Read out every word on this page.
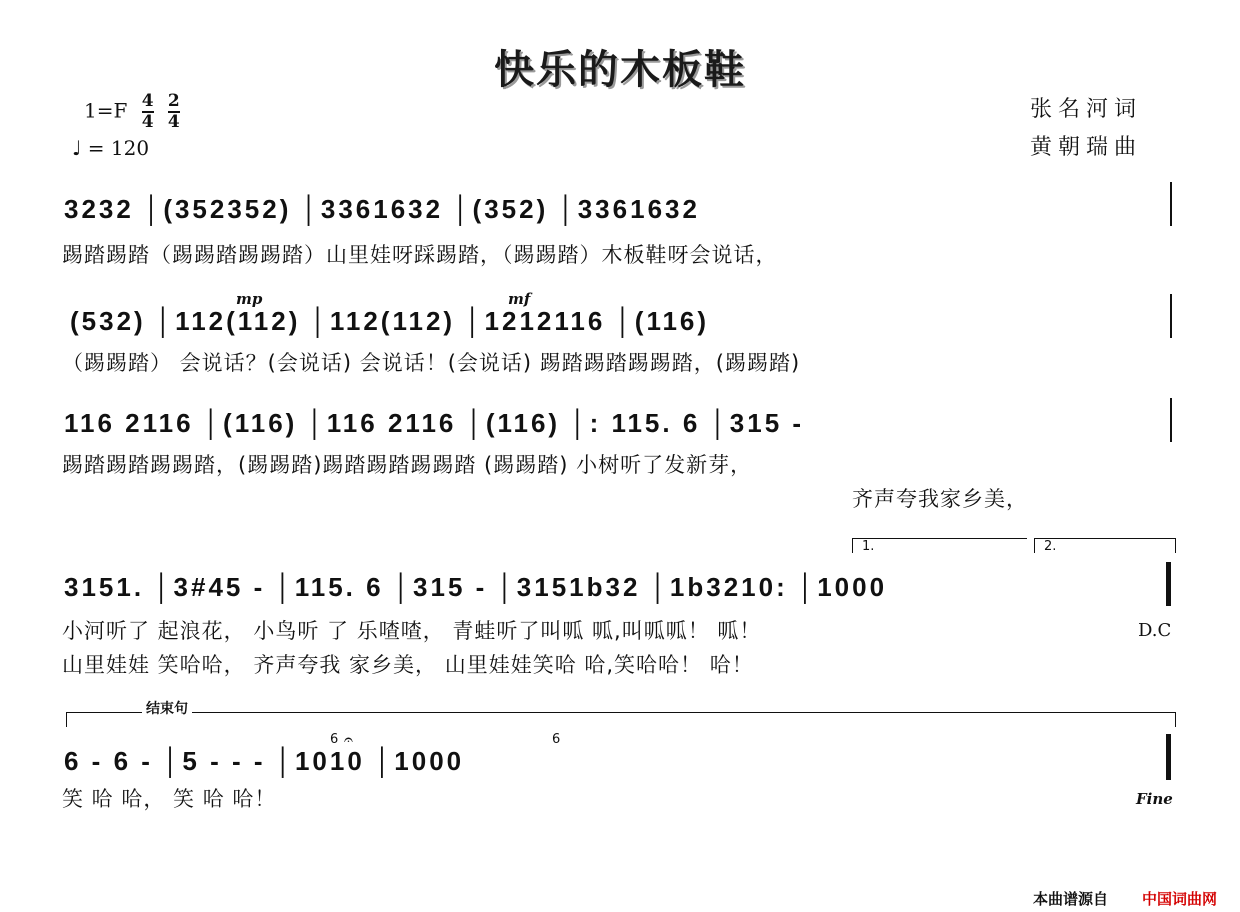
快乐的木板鞋
$1=F \frac{4}{4}$
$\frac{2}{4}$
♩ = 120
张名河词
黄朝瑞曲
3232 │(352352) │3361632 │(352) │3361632
踢踏踢踏（踢踢踏踢踢踏）山里娃呀踩踢踏，（踢踢踏）木板鞋呀会说话，
mp	mf
(532) │112(112) │112(112) │1212116 │(116)
（踢踢踏） 会说话？(会说话) 会说话！(会说话) 踢踏踢踏踢踢踏，(踢踢踏)
116 2116 │(116) │116 2116 │(116) │: 115. 6 │315 -
踢踏踢踏踢踢踏，(踢踢踏)踢踏踢踏踢踢踏 (踢踢踏) 小树听了发新芽，
齐声夸我家乡美，
1.	2.
3151. │3#45 - │115. 6 │315 - │3151b32 │1b3210: │1000
小河听了 起浪花， 小鸟听 了 乐喳喳， 青蛙听了叫呱 呱,叫呱呱！ 呱！
山里娃娃 笑哈哈， 齐声夸我 家乡美， 山里娃娃笑哈 哈,笑哈哈！ 哈！
D.C
结束句
6	6
𝄐
6 - 6 - │5 - - - │1010 │1000
笑 哈 哈， 笑 哈 哈！	Fine
本曲谱源自 中国词曲网
